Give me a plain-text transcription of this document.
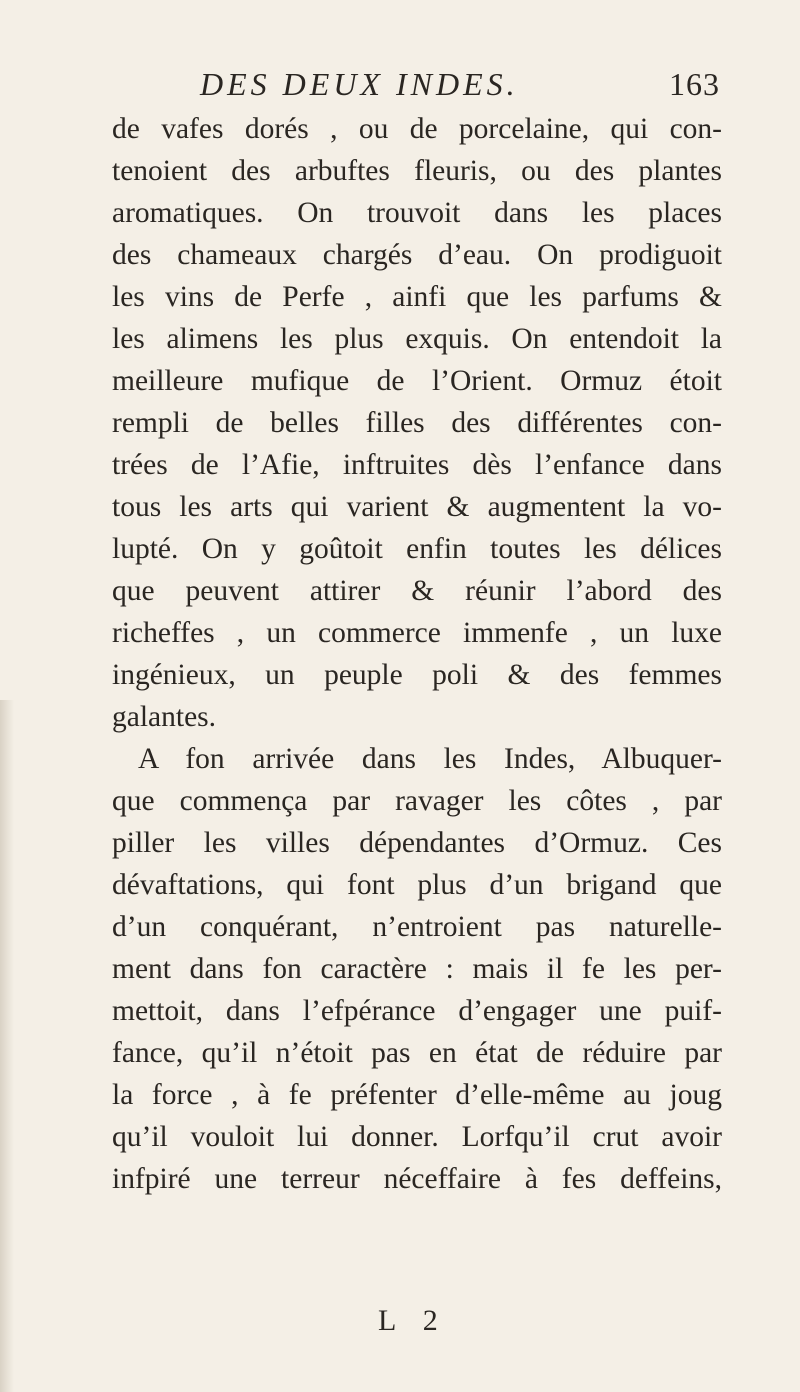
DES DEUX INDES.	163
de vafes dorés , ou de porcelaine, qui con-
tenoient des arbuftes fleuris, ou des plantes
aromatiques. On trouvoit dans les places
des chameaux chargés d’eau. On prodiguoit
les vins de Perfe , ainfi que les parfums &
les alimens les plus exquis. On entendoit la
meilleure mufique de l’Orient. Ormuz étoit
rempli de belles filles des différentes con-
trées de l’Afie, inftruites dès l’enfance dans
tous les arts qui varient & augmentent la vo-
lupté. On y goûtoit enfin toutes les délices
que peuvent attirer & réunir l’abord des
richeffes , un commerce immenfe , un luxe
ingénieux, un peuple poli & des femmes
galantes.
A fon arrivée dans les Indes, Albuquer-
que commença par ravager les côtes , par
piller les villes dépendantes d’Ormuz. Ces
dévaftations, qui font plus d’un brigand que
d’un conquérant, n’entroient pas naturelle-
ment dans fon caractère : mais il fe les per-
mettoit, dans l’efpérance d’engager une puif-
fance, qu’il n’étoit pas en état de réduire par
la force , à fe préfenter d’elle-même au joug
qu’il vouloit lui donner. Lorfqu’il crut avoir
infpiré une terreur néceffaire à fes deffeins,
L 2
